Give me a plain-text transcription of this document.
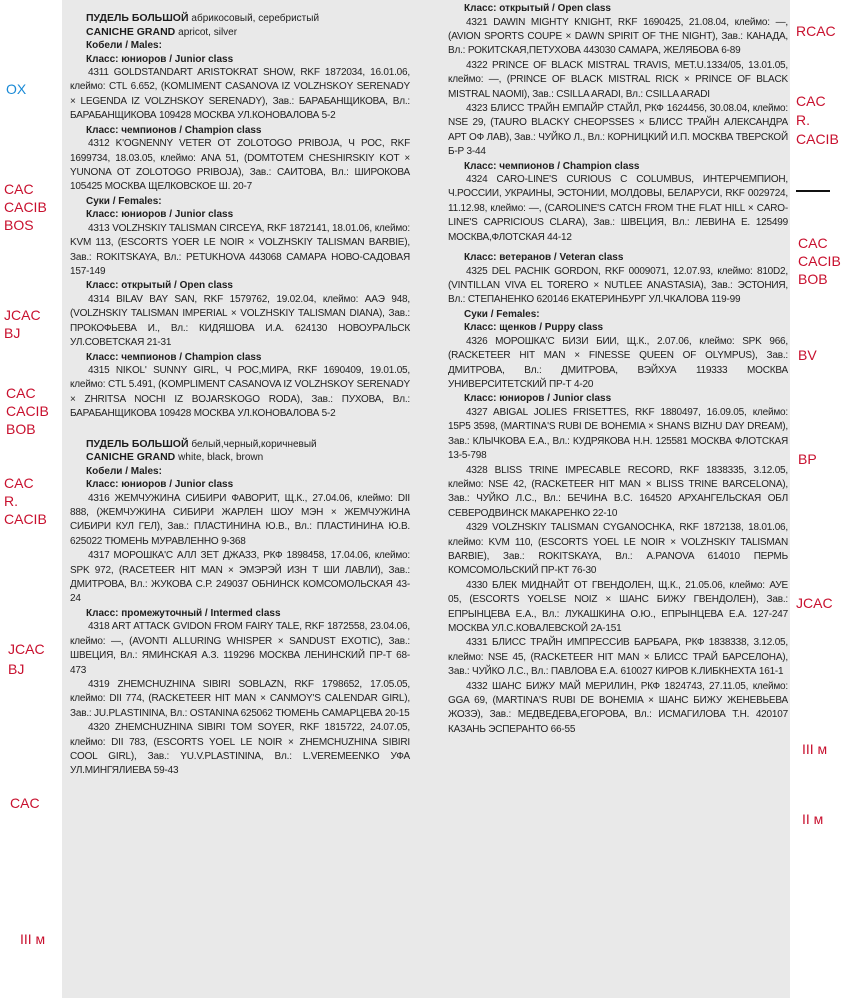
OX
CAC
CACIB
BOS
JCAC
BJ
CAC
CACIB
BOB
CAC
R.
CACIB
JCAC
BJ
CAC
III м
RCAC
CAC
R.
CACIB
CAC
CACIB
BOB
BV
BP
JCAC
III м
II м
ПУДЕЛЬ БОЛЬШОЙ абрикосовый, серебристый
CANICHE GRAND apricot, silver
Кобели / Males:
Класс: юниоров / Junior class
4311 GOLDSTANDART ARISTOKRAT SHOW, RKF 1872034, 16.01.06, клеймо: CTL 6.652, (KOMLIMENT CASANOVA IZ VOLZHSKOY SERENADY × LEGENDA IZ VOLZHSKOY SERENADY), Зав.: БАРАБАНЩИКОВА, Вл.: БАРАБАНЩИКОВА 109428 МОСКВА УЛ.КОНОВАЛОВА 5-2
Класс: чемпионов / Champion class
4312 K'OGNENNY VETER OT ZOLOTOGO PRIBOJA, Ч РОС, RKF 1699734, 18.03.05, клеймо: ANA 51, (DOMTOTEM CHESHIRSKIY KOT × YUNONA OT ZOLOTOGO PRIBOJA), Зав.: САИТОВА, Вл.: ШИРОКОВА 105425 МОСКВА ЩЕЛКОВСКОЕ Ш. 20-7
Суки / Females:
Класс: юниоров / Junior class
4313 VOLZHSKIY TALISMAN CIRCEYA, RKF 1872141, 18.01.06, клеймо: KVM 113, (ESCORTS YOER LE NOIR × VOLZHSKIY TALISMAN BARBIE), Зав.: ROKITSKAYA, Вл.: PETUKHOVA 443068 САМАРА НОВО-САДОВАЯ 157-149
Класс: открытый / Open class
4314 BILAV BAY SAN, RKF 1579762, 19.02.04, клеймо: AAЭ 948, (VOLZHSKIY TALISMAN IMPERIAL × VOLZHSKIY TALISMAN DIANA), Зав.: ПРОКОФЬЕВА И., Вл.: КИДЯШОВА И.А. 624130 НОВОУРАЛЬСК УЛ.СОВЕТСКАЯ 21-31
Класс: чемпионов / Champion class
4315 NIKOL' SUNNY GIRL, Ч РОС,МИРА, RKF 1690409, 19.01.05, клеймо: CTL 5.491, (KOMPLIMENT CASANOVA IZ VOLZHSKOY SERENADY × ZHRITSA NOCHI IZ BOJARSKOGO RODA), Зав.: ПУХОВА, Вл.: БАРАБАНЩИКОВА 109428 МОСКВА УЛ.КОНОВАЛОВА 5-2
ПУДЕЛЬ БОЛЬШОЙ белый,черный,коричневый
CANICHE GRAND white, black, brown
Кобели / Males:
Класс: юниоров / Junior class
4316 ЖЕМЧУЖИНА СИБИРИ ФАВОРИТ, Щ.К., 27.04.06, клеймо: DII 888, (ЖЕМЧУЖИНА СИБИРИ ЖАРЛЕН ШОУ МЭН × ЖЕМЧУЖИНА СИБИРИ КУЛ ГЕЛ), Зав.: ПЛАСТИНИНА Ю.В., Вл.: ПЛАСТИНИНА Ю.В. 625022 ТЮМЕНЬ МУРАВЛЕННО 9-368
4317 МОРОШКА'С АЛЛ ЗЕТ ДЖАЗЗ, РКФ 1898458, 17.04.06, клеймо: SPK 972, (RACETEER HIT MAN × ЭМЭРЭЙ ИЗН Т ШИ ЛАВЛИ), Зав.: ДМИТРОВА, Вл.: ЖУКОВА С.Р. 249037 ОБНИНСК КОМСОМОЛЬСКАЯ 43-24
Класс: промежуточный / Intermed class
4318 ART ATTACK GVIDON FROM FAIRY TALE, RKF 1872558, 23.04.06, клеймо: —, (AVONTI ALLURING WHISPER × SANDUST EXOTIC), Зав.: ШВЕЦИЯ, Вл.: ЯМИНСКАЯ А.З. 119296 МОСКВА ЛЕНИНСКИЙ ПР-Т 68-473
4319 ZHEMCHUZHINA SIBIRI SOBLAZN, RKF 1798652, 17.05.05, клеймо: DII 774, (RACKETEER HIT MAN × CANMOY'S CALENDAR GIRL), Зав.: JU.PLASTININA, Вл.: OSTANINA 625062 ТЮМЕНЬ САМАРЦЕВА 20-15
4320 ZHEMCHUZHINA SIBIRI TOM SOYER, RKF 1815722, 24.07.05, клеймо: DII 783, (ESCORTS YOEL LE NOIR × ZHEMCHUZHINA SIBIRI COOL GIRL), Зав.: YU.V.PLASTININA, Вл.: L.VEREMEENKO УФА УЛ.МИНГЯЛИЕВА 59-43
Класс: открытый / Open class
4321 DAWIN MIGHTY KNIGHT, RKF 1690425, 21.08.04, клеймо: —, (AVION SPORTS COUPE × DAWN SPIRIT OF THE NIGHT), Зав.: КАНАДА, Вл.: РОКИТСКАЯ,ПЕТУХОВА 443030 САМАРА, ЖЕЛЯБОВА 6-89
4322 PRINCE OF BLACK MISTRAL TRAVIS, MET.U.1334/05, 13.01.05, клеймо: —, (PRINCE OF BLACK MISTRAL RICK × PRINCE OF BLACK MISTRAL NAOMI), Зав.: CSILLA ARADI, Вл.: CSILLA ARADI
4323 БЛИСС ТРАЙН ЕМПАЙР СТАЙЛ, РКФ 1624456, 30.08.04, клеймо: NSE 29, (TAURO BLACKY CHEOPSSES × БЛИСС ТРАЙН АЛЕКСАНДРА АРТ ОФ ЛАВ), Зав.: ЧУЙКО Л., Вл.: КОРНИЦКИЙ И.П. МОСКВА ТВЕРСКОЙ Б-Р 3-44
Класс: чемпионов / Champion class
4324 CARO-LINE'S CURIOUS C COLUMBUS, ИНТЕРЧЕМПИОН, Ч.РОССИИ, УКРАИНЫ, ЭСТОНИИ, МОЛДОВЫ, БЕЛАРУСИ, RKF 0029724, 11.12.98, клеймо: —, (CAROLINE'S CATCH FROM THE FLAT HILL × CARO-LINE'S CAPRICIOUS CLARA), Зав.: ШВЕЦИЯ, Вл.: ЛЕВИНА Е. 125499 МОСКВА,ФЛОТСКАЯ 44-12
Класс: ветеранов / Veteran class
4325 DEL PACHIK GORDON, RKF 0009071, 12.07.93, клеймо: 810D2, (VINTILLAN VIVA EL TORERO × NUTLEE ANASTASIA), Зав.: ЭСТОНИЯ, Вл.: СТЕПАНЕНКО 620146 ЕКАТЕРИНБУРГ УЛ.ЧКАЛОВА 119-99
Суки / Females:
Класс: щенков / Puppy class
4326 МОРОШКА'С БИЗИ БИИ, Щ.К., 2.07.06, клеймо: SPK 966, (RACKETEER HIT MAN × FINESSE QUEEN OF OLYMPUS), Зав.: ДМИТРОВА, Вл.: ДМИТРОВА, ВЭЙХУА 119333 МОСКВА УНИВЕРСИТЕТСКИЙ ПР-Т 4-20
Класс: юниоров / Junior class
4327 ABIGAL JOLIES FRISETTES, RKF 1880497, 16.09.05, клеймо: 15P5 3598, (MARTINA'S RUBI DE BOHEMIA × SHANS BIZHU DAY DREAM), Зав.: КЛЫЧКОВА Е.А., Вл.: КУДРЯКОВА Н.Н. 125581 МОСКВА ФЛОТСКАЯ 13-5-798
4328 BLISS TRINE IMPECABLE RECORD, RKF 1838335, 3.12.05, клеймо: NSE 42, (RACKETEER HIT MAN × BLISS TRINE BARCELONA), Зав.: ЧУЙКО Л.С., Вл.: БЕЧИНА В.С. 164520 АРХАНГЕЛЬСКАЯ ОБЛ СЕВЕРОДВИНСК МАКАРЕНКО 22-10
4329 VOLZHSKIY TALISMAN CYGANOCHKA, RKF 1872138, 18.01.06, клеймо: KVM 110, (ESCORTS YOEL LE NOIR × VOLZHSKIY TALISMAN BARBIE), Зав.: ROKITSKAYA, Вл.: A.PANOVA 614010 ПЕРМЬ КОМСОМОЛЬСКИЙ ПР-КТ 76-30
4330 БЛЕК МИДНАЙТ ОТ ГВЕНДОЛЕН, Щ.К., 21.05.06, клеймо: АУЕ 05, (ESCORTS YOELSE NOIZ × ШАНС БИЖУ ГВЕНДОЛЕН), Зав.: ЕПРЫНЦЕВА Е.А., Вл.: ЛУКАШКИНА О.Ю., ЕПРЫНЦЕВА Е.А. 127-247 МОСКВА УЛ.С.КОВАЛЕВСКОЙ 2А-151
4331 БЛИСС ТРАЙН ИМПРЕССИВ БАРБАРА, РКФ 1838338, 3.12.05, клеймо: NSE 45, (RACKETEER HIT MAN × БЛИСС ТРАЙ БАРСЕЛОНА), Зав.: ЧУЙКО Л.С., Вл.: ПАВЛОВА Е.А. 610027 КИРОВ К.ЛИБКНЕХТА 161-1
4332 ШАНС БИЖУ МАЙ МЕРИЛИН, РКФ 1824743, 27.11.05, клеймо: GGA 69, (MARTINA'S RUBI DE BOHEMIA × ШАНС БИЖУ ЖЕНЕВЬЕВА ЖОЗЭ), Зав.: МЕДВЕДЕВА,ЕГОРОВА, Вл.: ИСМАГИЛОВА Т.Н. 420107 КАЗАНЬ ЭСПЕРАНТО 66-55
